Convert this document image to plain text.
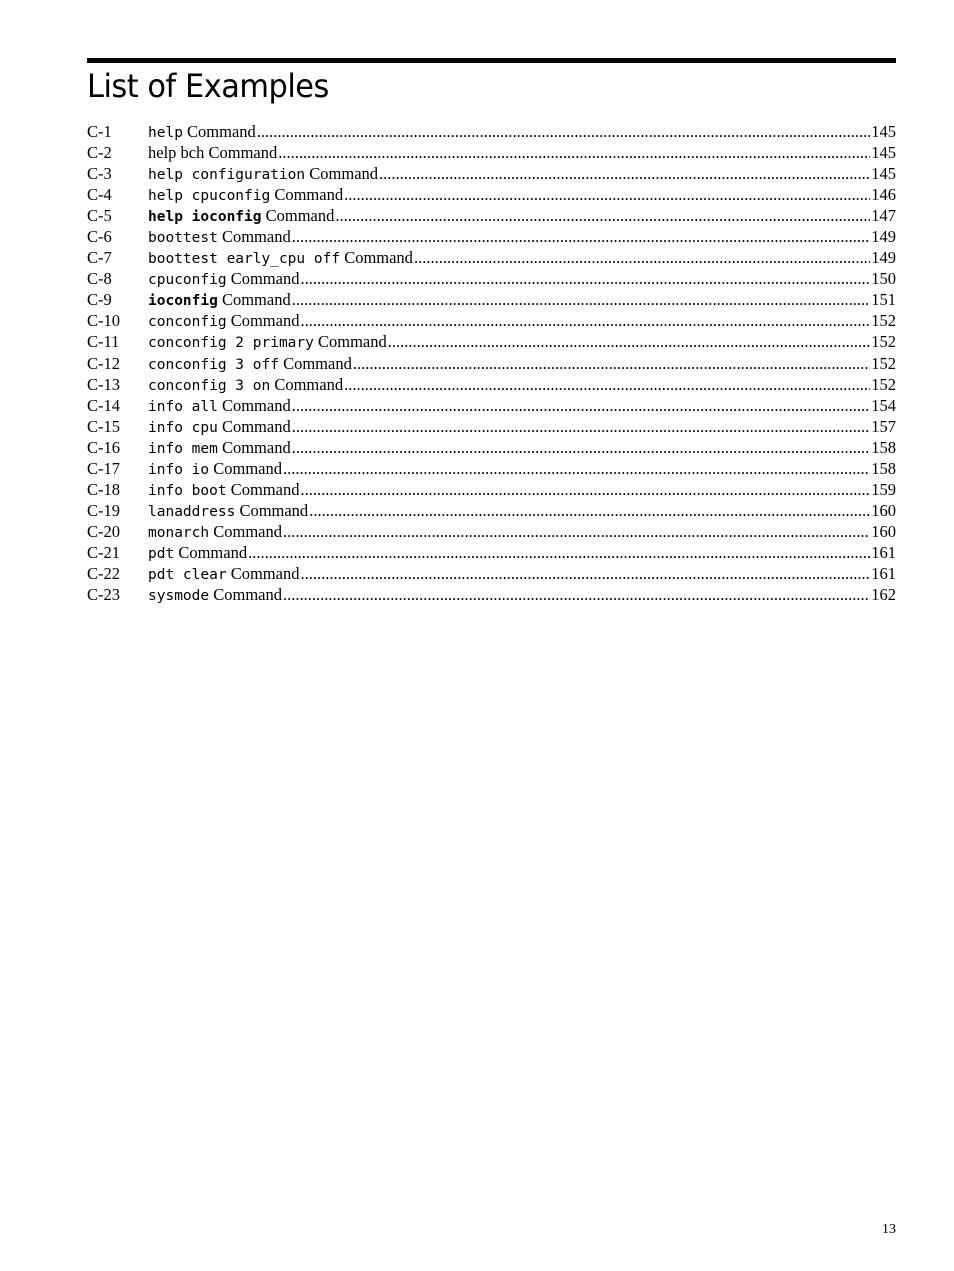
List of Examples
C-1	help Command .....	145
C-2	help bch Command .....	145
C-3	help configuration Command .....	145
C-4	help cpuconfig Command .....	146
C-5	help ioconfig Command .....	147
C-6	boottest Command .....	149
C-7	boottest early_cpu off Command .....	149
C-8	cpuconfig Command .....	150
C-9	ioconfig Command .....	151
C-10	conconfig Command .....	152
C-11	conconfig 2 primary Command .....	152
C-12	conconfig 3 off Command .....	152
C-13	conconfig 3 on Command .....	152
C-14	info all Command .....	154
C-15	info cpu Command .....	157
C-16	info mem Command .....	158
C-17	info io Command .....	158
C-18	info boot Command .....	159
C-19	lanaddress Command .....	160
C-20	monarch Command .....	160
C-21	pdt Command .....	161
C-22	pdt clear Command .....	161
C-23	sysmode Command .....	162
13
